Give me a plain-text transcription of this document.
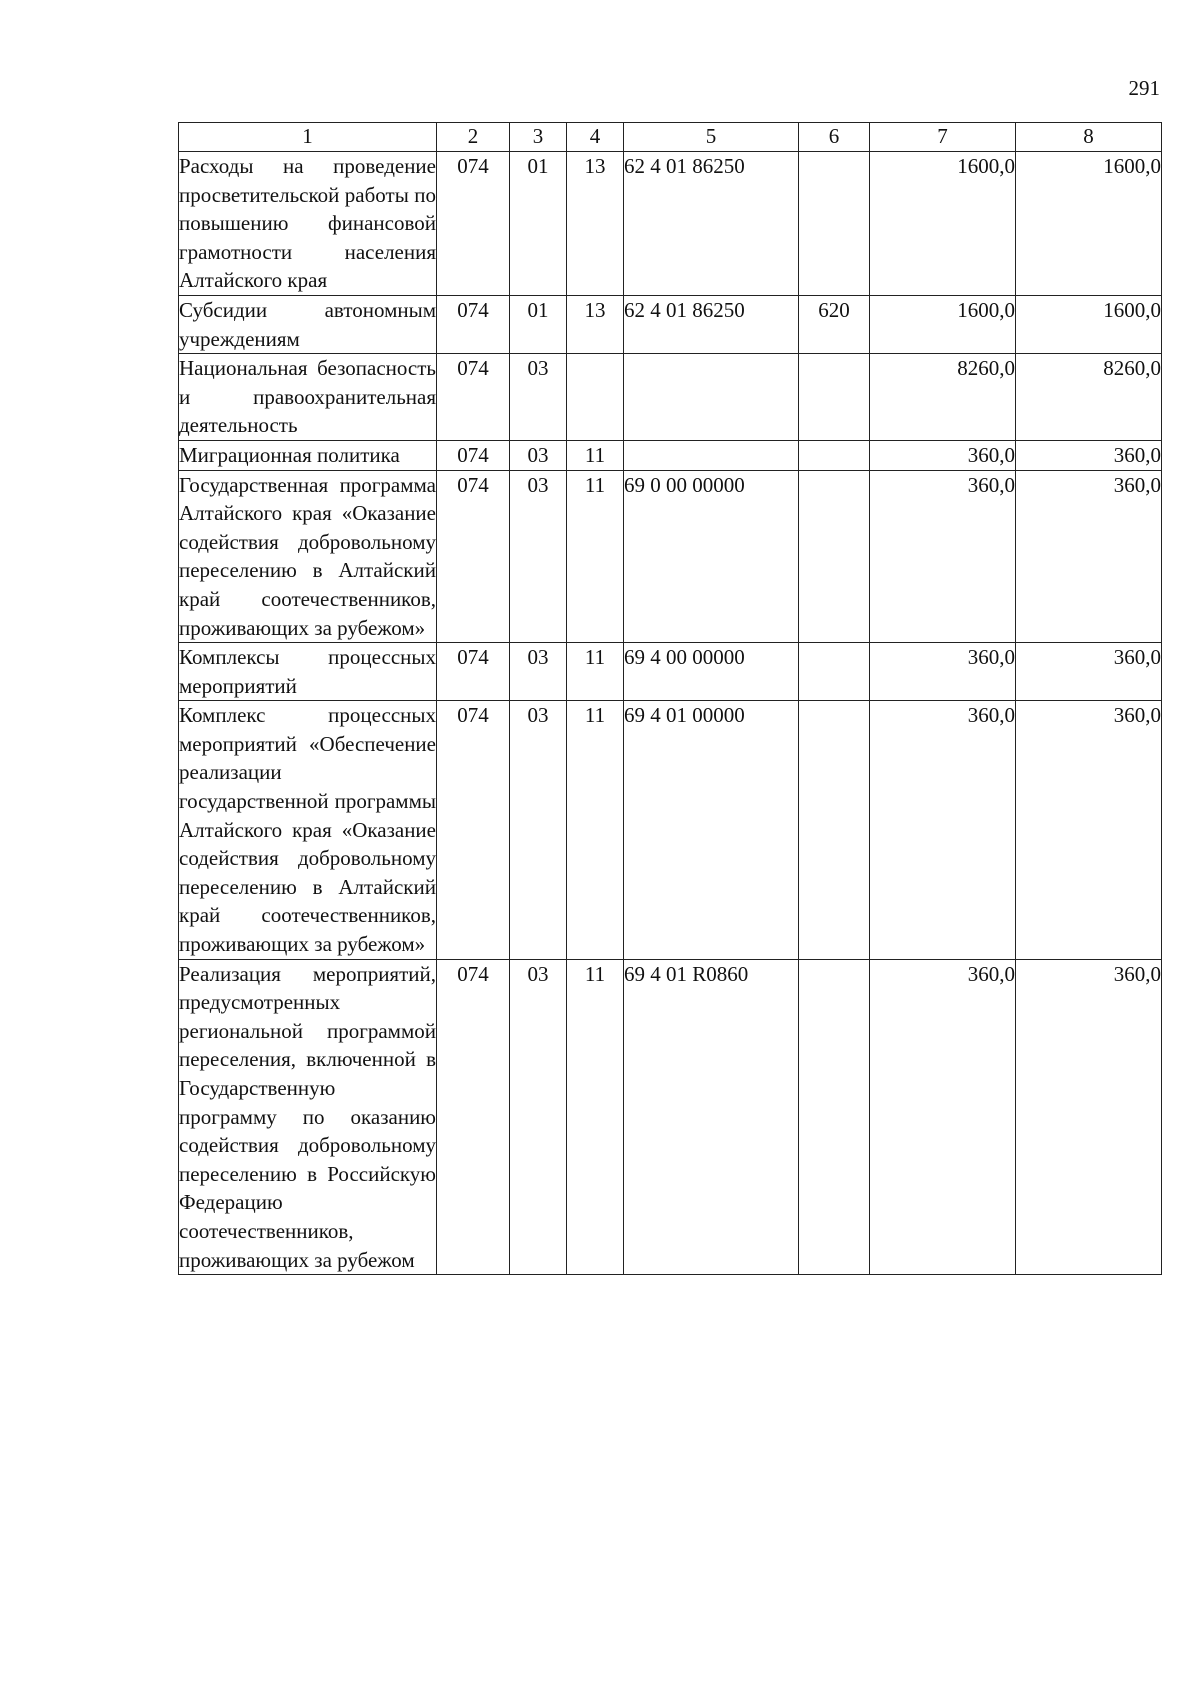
291
1	2	3	4	5	6	7	8
Расходы на проведение просветительской работы по повышению финансовой грамотности населения Алтайского края	074	01	13	62 4 01 86250		1600,0	1600,0
Субсидии автономным учреждениям	074	01	13	62 4 01 86250	620	1600,0	1600,0
Национальная безопасность и правоохранительная деятельность	074	03				8260,0	8260,0
Миграционная политика	074	03	11			360,0	360,0
Государственная программа Алтайского края «Оказание содействия добровольному переселению в Алтайский край соотечественников, проживающих за рубежом»	074	03	11	69 0 00 00000		360,0	360,0
Комплексы процессных мероприятий	074	03	11	69 4 00 00000		360,0	360,0
Комплекс процессных мероприятий «Обеспечение реализации государственной программы Алтайского края «Оказание содействия добровольному переселению в Алтайский край соотечественников, проживающих за рубежом»	074	03	11	69 4 01 00000		360,0	360,0
Реализация мероприятий, предусмотренных региональной программой переселения, включенной в Государственную программу по оказанию содействия добровольному переселению в Российскую Федерацию соотечественников, проживающих за рубежом	074	03	11	69 4 01 R0860		360,0	360,0
